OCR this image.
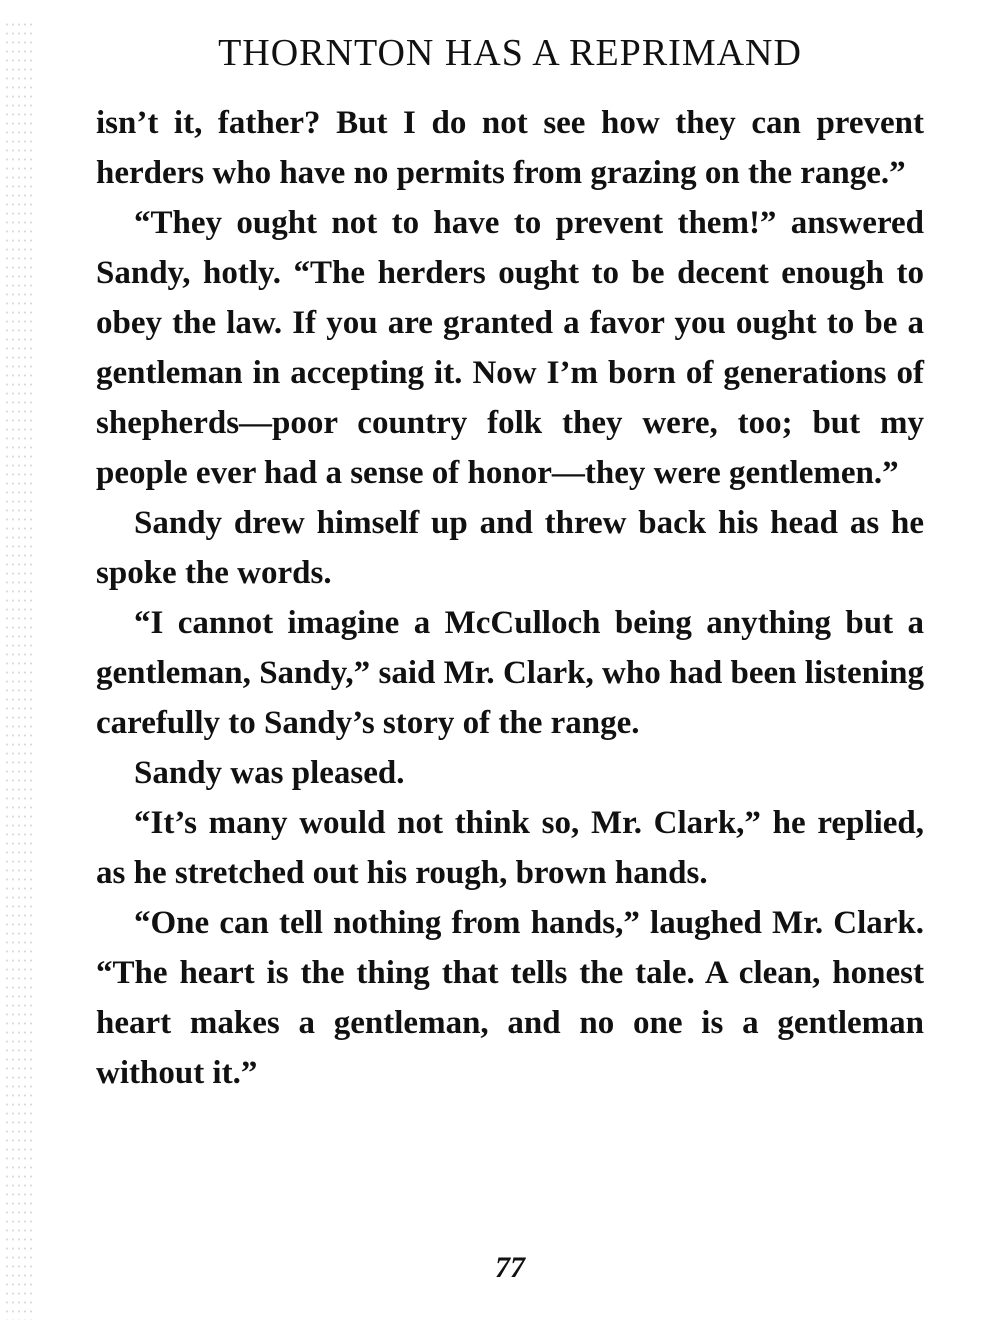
THORNTON HAS A REPRIMAND

isn’t it, father? But I do not see how they can prevent herders who have no permits from grazing on the range.”

“They ought not to have to prevent them!” answered Sandy, hotly. “The herders ought to be decent enough to obey the law. If you are granted a favor you ought to be a gentleman in accepting it. Now I’m born of generations of shepherds—poor country folk they were, too; but my people ever had a sense of honor—they were gentlemen.”

Sandy drew himself up and threw back his head as he spoke the words.

“I cannot imagine a McCulloch being anything but a gentleman, Sandy,” said Mr. Clark, who had been listening carefully to Sandy’s story of the range.

Sandy was pleased.

“It’s many would not think so, Mr. Clark,” he replied, as he stretched out his rough, brown hands.

“One can tell nothing from hands,” laughed Mr. Clark. “The heart is the thing that tells the tale. A clean, honest heart makes a gentleman, and no one is a gentleman without it.”

77
